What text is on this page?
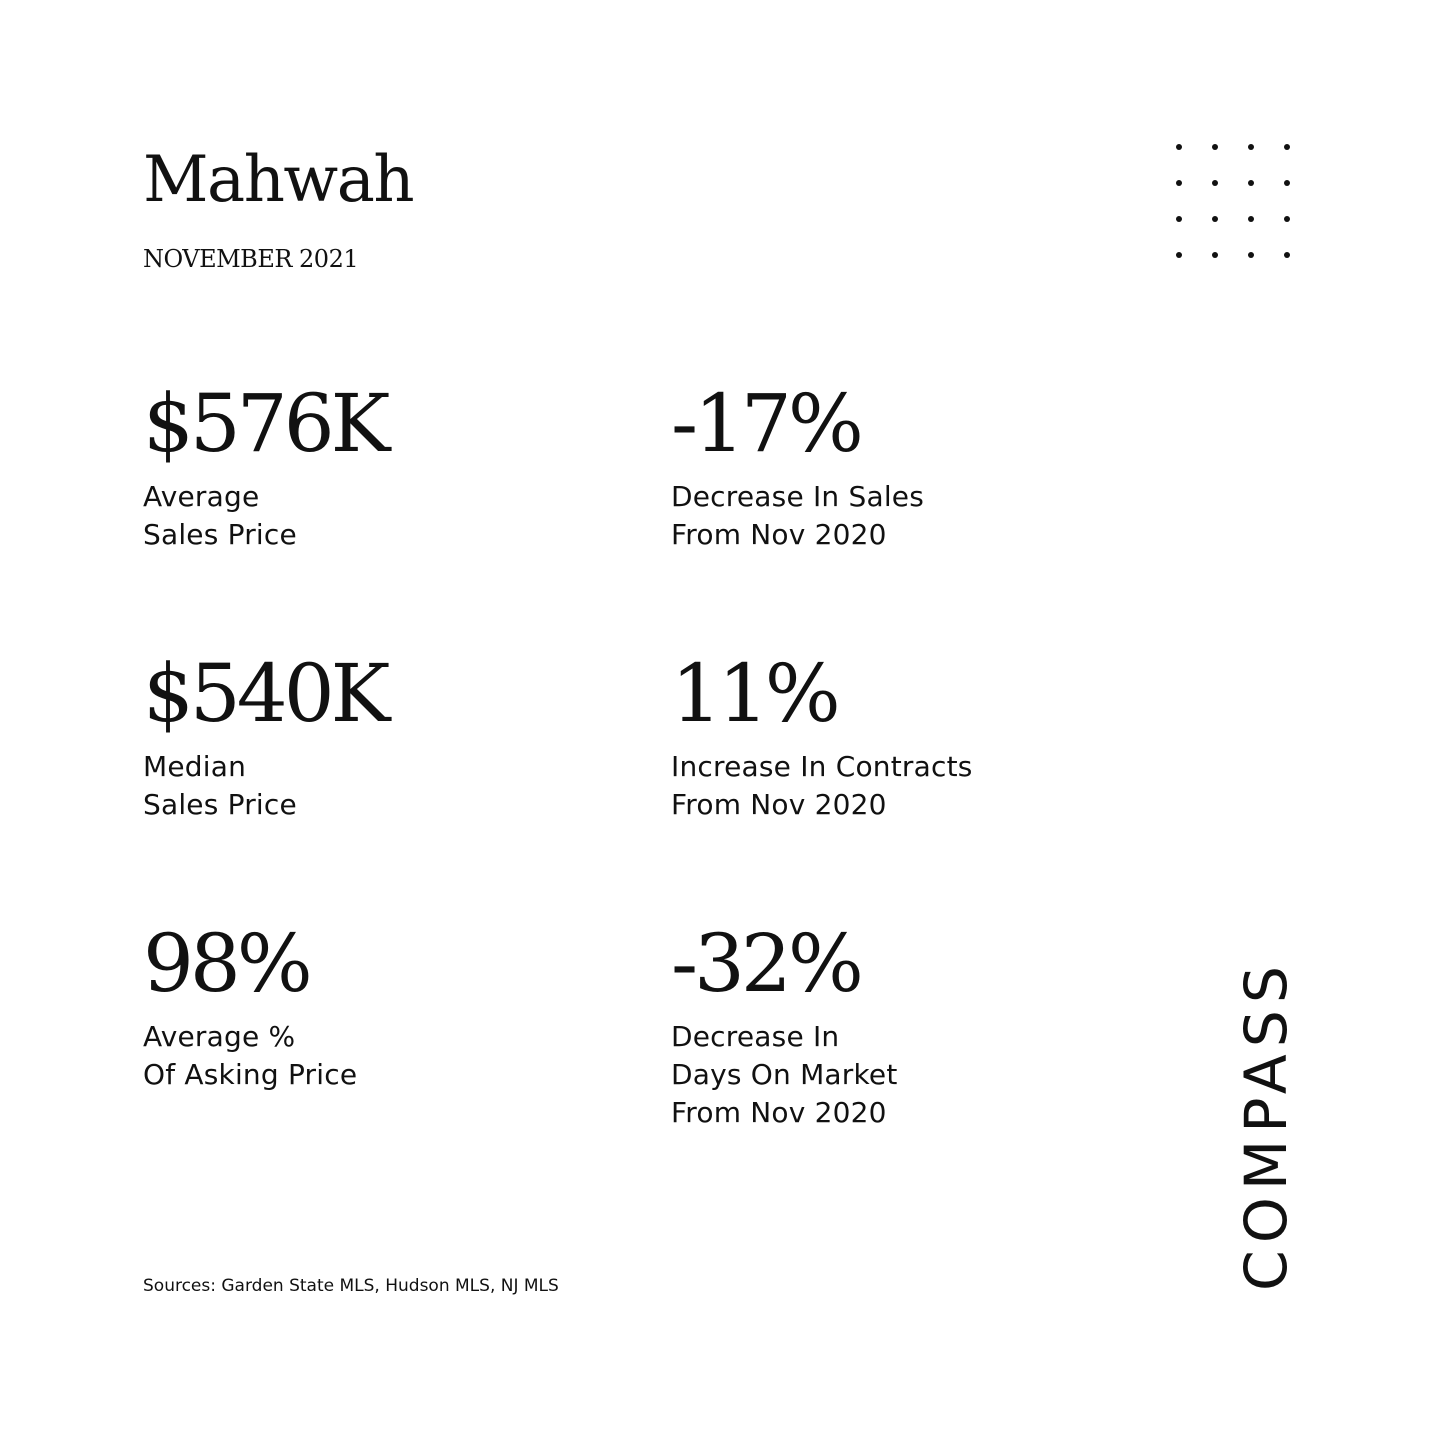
Mahwah
NOVEMBER 2021
$576K
Average
Sales Price
-17%
Decrease In Sales
From Nov 2020
$540K
Median
Sales Price
11%
Increase In Contracts
From Nov 2020
98%
Average %
Of Asking Price
-32%
Decrease In
Days On Market
From Nov 2020
Sources: Garden State MLS, Hudson MLS, NJ MLS	COMPASS
